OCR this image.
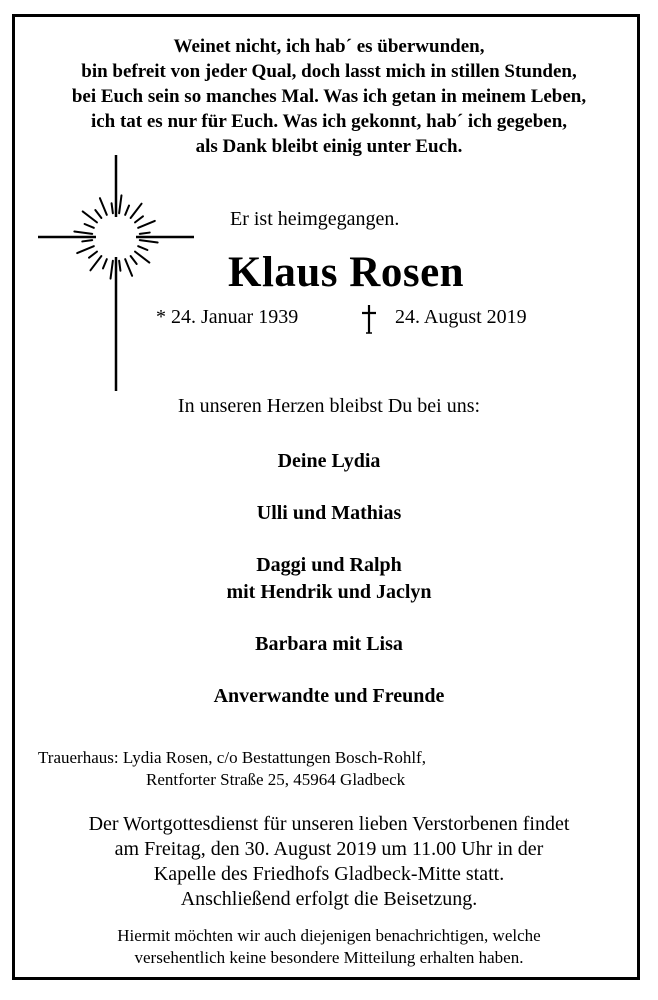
Weinet nicht, ich hab´ es überwunden,
bin befreit von jeder Qual, doch lasst mich in stillen Stunden,
bei Euch sein so manches Mal. Was ich getan in meinem Leben,
ich tat es nur für Euch. Was ich gekonnt, hab´ ich gegeben,
als Dank bleibt einig unter Euch.
Er ist heimgegangen.
Klaus Rosen
* 24. Januar 1939	24. August 2019
In unseren Herzen bleibst Du bei uns:
Deine Lydia
Ulli und Mathias
Daggi und Ralph
mit Hendrik und Jaclyn
Barbara mit Lisa
Anverwandte und Freunde
Trauerhaus: Lydia Rosen, c/o Bestattungen Bosch-Rohlf,
Rentforter Straße 25, 45964 Gladbeck
Der Wortgottesdienst für unseren lieben Verstorbenen findet
am Freitag, den 30. August 2019 um 11.00 Uhr in der
Kapelle des Friedhofs Gladbeck-Mitte statt.
Anschließend erfolgt die Beisetzung.
Hiermit möchten wir auch diejenigen benachrichtigen, welche
versehentlich keine besondere Mitteilung erhalten haben.
